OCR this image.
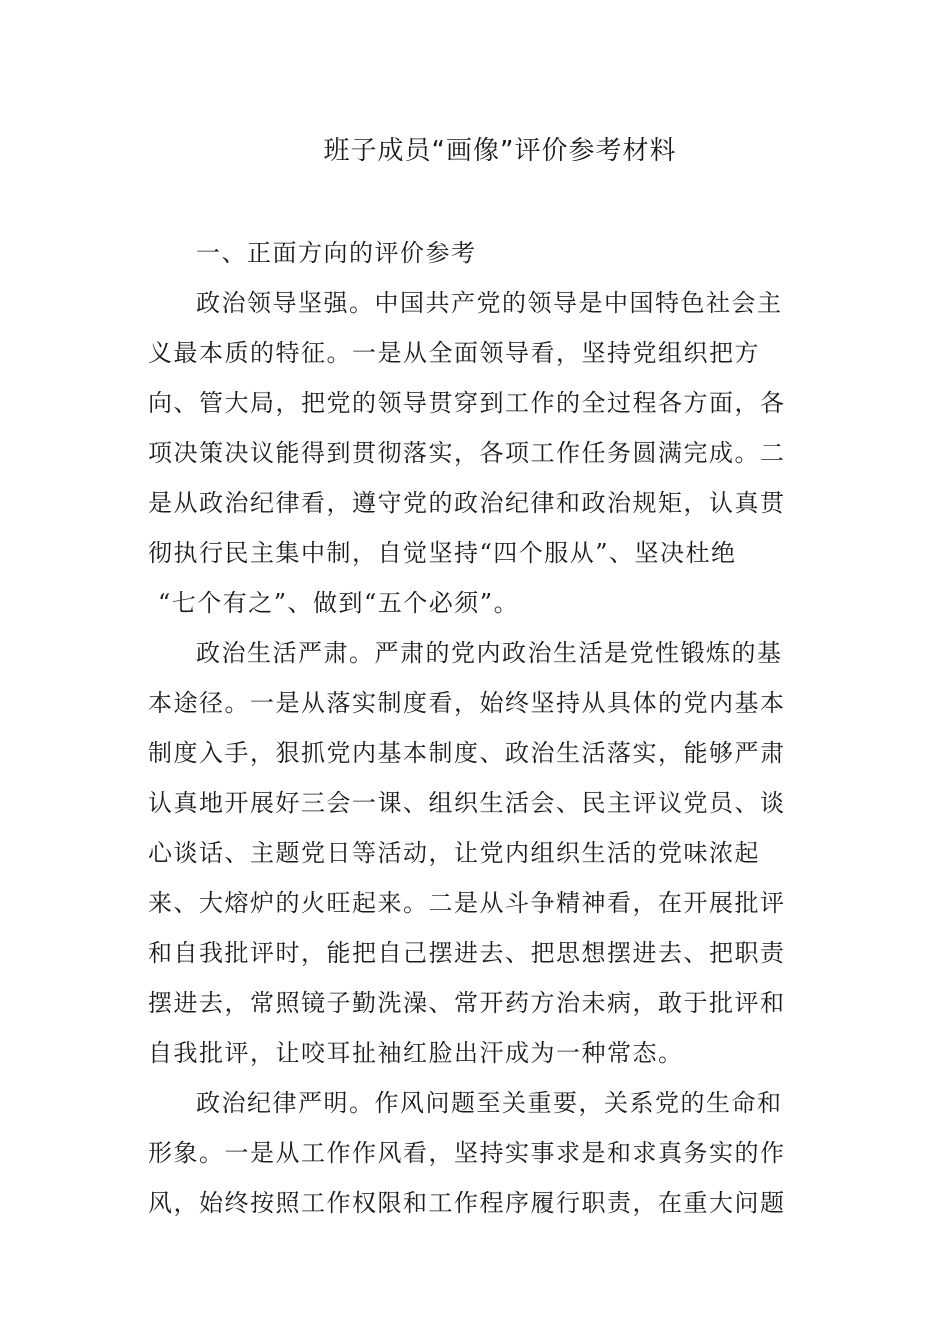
班子成员“画像”评价参考材料
一、正面方向的评价参考
政治领导坚强。中国共产党的领导是中国特色社会主
义最本质的特征。一是从全面领导看，坚持党组织把方
向、管大局，把党的领导贯穿到工作的全过程各方面，各
项决策决议能得到贯彻落实，各项工作任务圆满完成。二
是从政治纪律看，遵守党的政治纪律和政治规矩，认真贯
彻执行民主集中制，自觉坚持“四个服从”、坚决杜绝
“七个有之”、做到“五个必须”。
政治生活严肃。严肃的党内政治生活是党性锻炼的基
本途径。一是从落实制度看，始终坚持从具体的党内基本
制度入手，狠抓党内基本制度、政治生活落实，能够严肃
认真地开展好三会一课、组织生活会、民主评议党员、谈
心谈话、主题党日等活动，让党内组织生活的党味浓起
来、大熔炉的火旺起来。二是从斗争精神看，在开展批评
和自我批评时，能把自己摆进去、把思想摆进去、把职责
摆进去，常照镜子勤洗澡、常开药方治未病，敢于批评和
自我批评，让咬耳扯袖红脸出汗成为一种常态。
政治纪律严明。作风问题至关重要，关系党的生命和
形象。一是从工作作风看，坚持实事求是和求真务实的作
风，始终按照工作权限和工作程序履行职责，在重大问题
